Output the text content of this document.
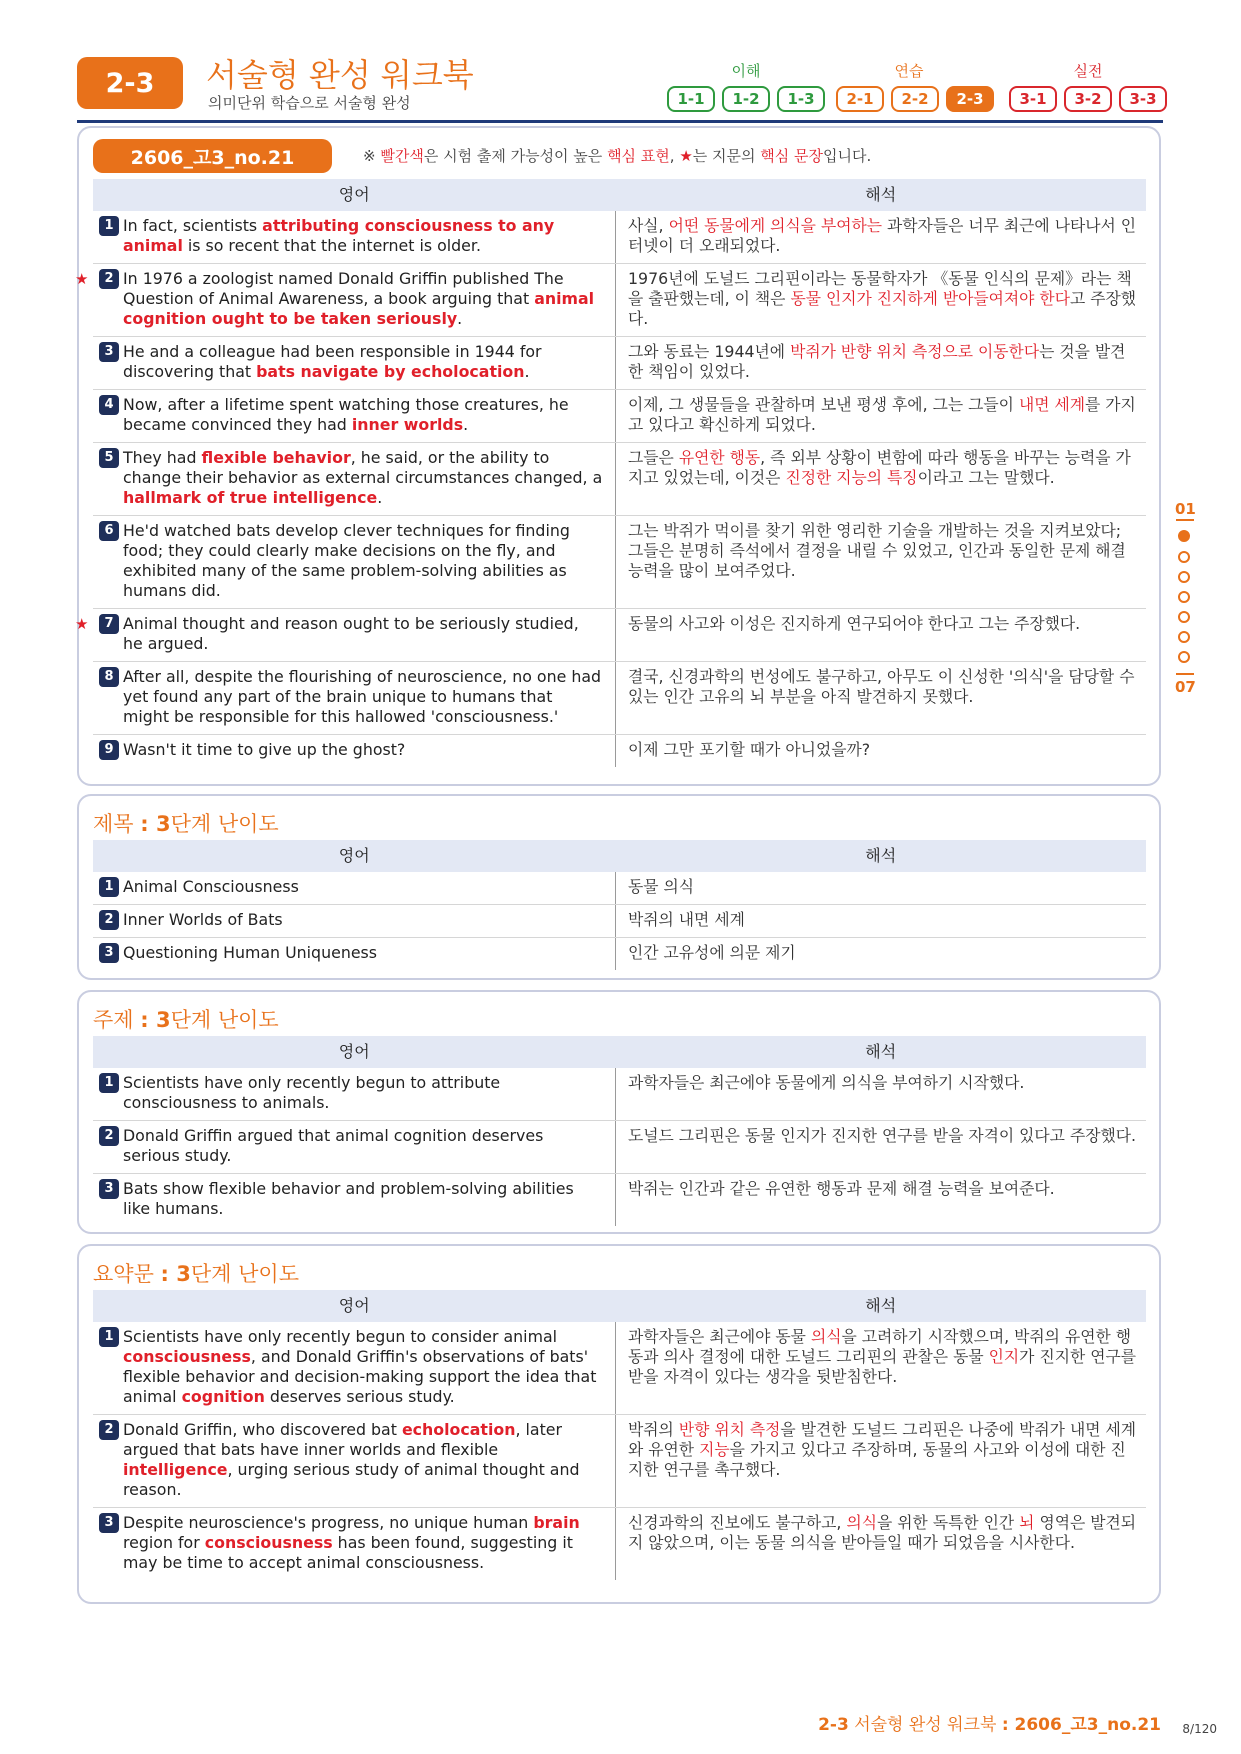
2-3	서술형 완성 워크북
의미단위 학습으로 서술형 완성
이해	연습	실전
1-1	1-2	1-3	2-1	2-2	2-3	3-1	3-2	3-3
2606_고3_no.21	※ 빨간색은 시험 출제 가능성이 높은 핵심 표현, ★는 지문의 핵심 문장입니다.
영어	해석
1 In fact, scientists attributing consciousness to any animal is so recent that the internet is older.	사실, 어떤 동물에게 의식을 부여하는 과학자들은 너무 최근에 나타나서 인터넷이 더 오래되었다.

★ 2 In 1976 a zoologist named Donald Griffin published The Question of Animal Awareness, a book arguing that animal cognition ought to be taken seriously.	1976년에 도널드 그리핀이라는 동물학자가 《동물 인식의 문제》라는 책을 출판했는데, 이 책은 동물 인지가 진지하게 받아들여져야 한다고 주장했다.
3 He and a colleague had been responsible in 1944 for discovering that bats navigate by echolocation.	그와 동료는 1944년에 박쥐가 반향 위치 측정으로 이동한다는 것을 발견한 책임이 있었다.
4 Now, after a lifetime spent watching those creatures, he became convinced they had inner worlds.	이제, 그 생물들을 관찰하며 보낸 평생 후에, 그는 그들이 내면 세계를 가지고 있다고 확신하게 되었다.
5 They had flexible behavior, he said, or the ability to change their behavior as external circumstances changed, a hallmark of true intelligence.	그들은 유연한 행동, 즉 외부 상황이 변함에 따라 행동을 바꾸는 능력을 가지고 있었는데, 이것은 진정한 지능의 특징이라고 그는 말했다.
6 He'd watched bats develop clever techniques for finding food; they could clearly make decisions on the fly, and exhibited many of the same problem-solving abilities as humans did.	그는 박쥐가 먹이를 찾기 위한 영리한 기술을 개발하는 것을 지켜보았다; 그들은 분명히 즉석에서 결정을 내릴 수 있었고, 인간과 동일한 문제 해결 능력을 많이 보여주었다.

★ 7 Animal thought and reason ought to be seriously studied, he argued.	동물의 사고와 이성은 진지하게 연구되어야 한다고 그는 주장했다.
8 After all, despite the flourishing of neuroscience, no one had yet found any part of the brain unique to humans that might be responsible for this hallowed 'consciousness.'	결국, 신경과학의 번성에도 불구하고, 아무도 이 신성한 '의식'을 담당할 수 있는 인간 고유의 뇌 부분을 아직 발견하지 못했다.
9 Wasn't it time to give up the ghost?	이제 그만 포기할 때가 아니었을까?
제목 : 3단계 난이도
영어	해석
1 Animal Consciousness	동물 의식
2 Inner Worlds of Bats	박쥐의 내면 세계
3 Questioning Human Uniqueness	인간 고유성에 의문 제기
주제 : 3단계 난이도
영어	해석
1 Scientists have only recently begun to attribute consciousness to animals.	과학자들은 최근에야 동물에게 의식을 부여하기 시작했다.
2 Donald Griffin argued that animal cognition deserves serious study.	도널드 그리핀은 동물 인지가 진지한 연구를 받을 자격이 있다고 주장했다.
3 Bats show flexible behavior and problem-solving abilities like humans.	박쥐는 인간과 같은 유연한 행동과 문제 해결 능력을 보여준다.
요약문 : 3단계 난이도
영어	해석
1 Scientists have only recently begun to consider animal consciousness, and Donald Griffin's observations of bats' flexible behavior and decision-making support the idea that animal cognition deserves serious study.	과학자들은 최근에야 동물 의식을 고려하기 시작했으며, 박쥐의 유연한 행동과 의사 결정에 대한 도널드 그리핀의 관찰은 동물 인지가 진지한 연구를 받을 자격이 있다는 생각을 뒷받침한다.
2 Donald Griffin, who discovered bat echolocation, later argued that bats have inner worlds and flexible intelligence, urging serious study of animal thought and reason.	박쥐의 반향 위치 측정을 발견한 도널드 그리핀은 나중에 박쥐가 내면 세계와 유연한 지능을 가지고 있다고 주장하며, 동물의 사고와 이성에 대한 진지한 연구를 촉구했다.
3 Despite neuroscience's progress, no unique human brain region for consciousness has been found, suggesting it may be time to accept animal consciousness.	신경과학의 진보에도 불구하고, 의식을 위한 독특한 인간 뇌 영역은 발견되지 않았으며, 이는 동물 의식을 받아들일 때가 되었음을 시사한다.
01
07
2-3 서술형 완성 워크북 : 2606_고3_no.21 8/120
